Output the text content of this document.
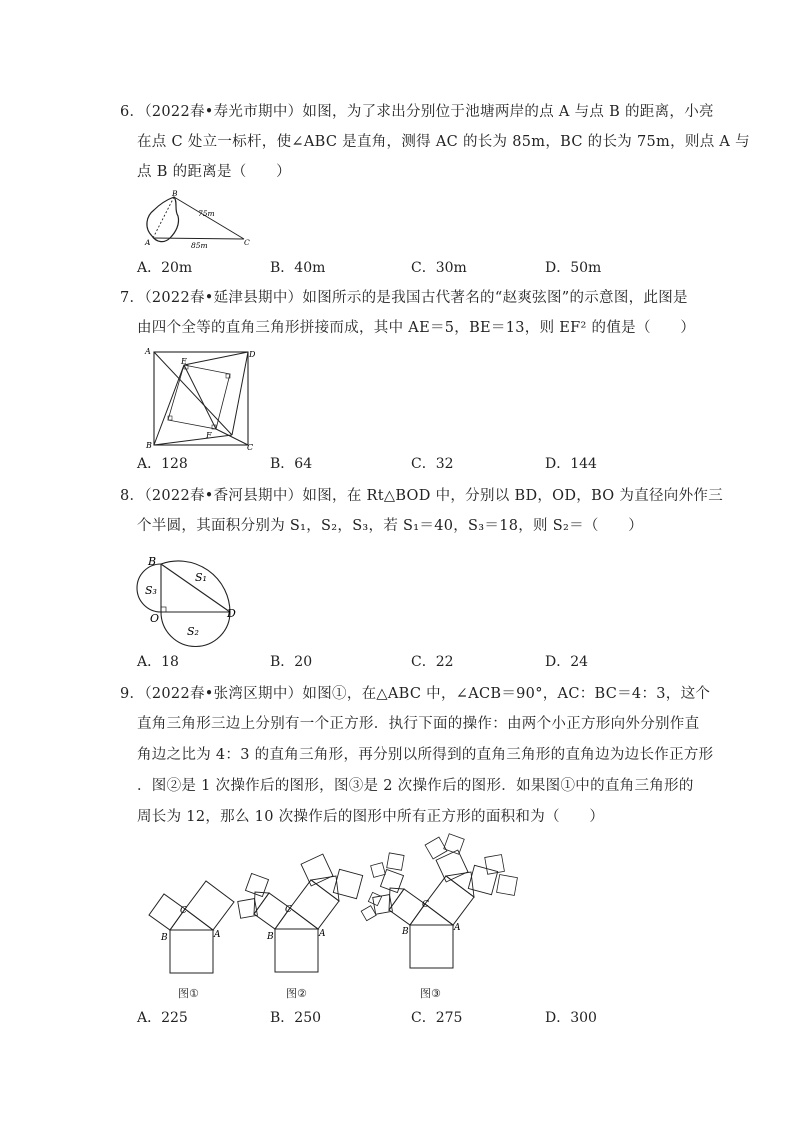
6．（2022春•寿光市期中）如图，为了求出分别位于池塘两岸的点 A 与点 B 的距离，小亮
在点 C 处立一标杆，使∠ABC 是直角，测得 AC 的长为 85m，BC 的长为 75m，则点 A 与
点 B 的距离是（　　）
B
A	C
75m
85m
A．20m	B．40m	C．30m	D．50m
7．（2022春•延津县期中）如图所示的是我国古代著名的“赵爽弦图”的示意图，此图是
由四个全等的直角三角形拼接而成，其中 AE＝5，BE＝13，则 EF² 的值是（　　）
A	D
B	C
E
F
A．128	B．64	C．32	D．144
8．（2022春•香河县期中）如图，在 Rt△BOD 中，分别以 BD，OD，BO 为直径向外作三
个半圆，其面积分别为 S₁，S₂，S₃，若 S₁＝40，S₃＝18，则 S₂＝（　　）
B
O	D
S₁
S₂
S₃
A．18	B．20	C．22	D．24
9．（2022春•张湾区期中）如图①，在△ABC 中，∠ACB＝90°，AC：BC＝4：3，这个
直角三角形三边上分别有一个正方形．执行下面的操作：由两个小正方形向外分别作直
角边之比为 4：3 的直角三角形，再分别以所得到的直角三角形的直角边为边长作正方形
．图②是 1 次操作后的图形，图③是 2 次操作后的图形．如果图①中的直角三角形的
周长为 12，那么 10 次操作后的图形中所有正方形的面积和为（　　）
B	A
C
图①
B	A
C
图②
B	A
C
图③
A．225	B．250	C．275	D．300
